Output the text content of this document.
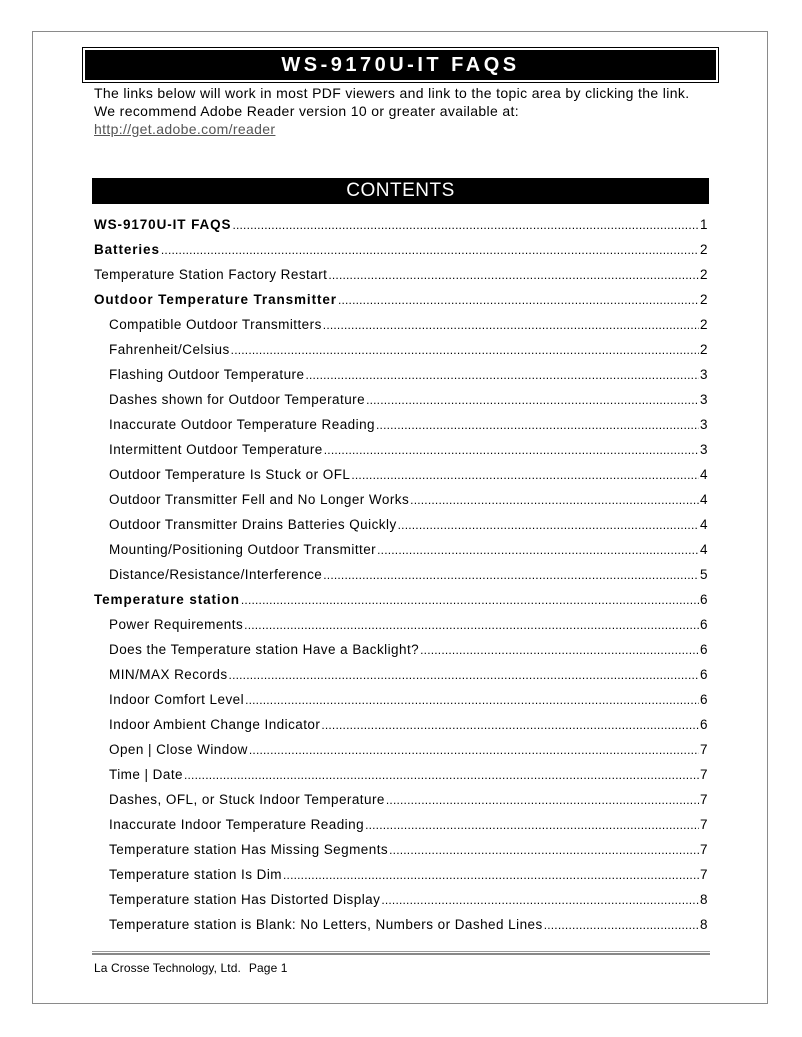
WS-9170U-IT FAQS

The links below will work in most PDF viewers and link to the topic area by clicking the link. We recommend Adobe Reader version 10 or greater available at:

http://get.adobe.com/reader
CONTENTS
WS-9170U-IT FAQS .....	1
Batteries .....	2
Temperature Station Factory Restart .....	2
Outdoor Temperature Transmitter .....	2
Compatible Outdoor Transmitters .....	2
Fahrenheit/Celsius .....	2
Flashing Outdoor Temperature .....	3
Dashes shown for Outdoor Temperature .....	3
Inaccurate Outdoor Temperature Reading .....	3
Intermittent Outdoor Temperature .....	3
Outdoor Temperature Is Stuck or OFL .....	4
Outdoor Transmitter Fell and No Longer Works .....	4
Outdoor Transmitter Drains Batteries Quickly .....	4
Mounting/Positioning Outdoor Transmitter .....	4
Distance/Resistance/Interference .....	5
Temperature station .....	6
Power Requirements .....	6
Does the Temperature station Have a Backlight? .....	6
MIN/MAX Records .....	6
Indoor Comfort Level .....	6
Indoor Ambient Change Indicator .....	6
Open | Close Window .....	7
Time | Date .....	7
Dashes, OFL, or Stuck Indoor Temperature .....	7
Inaccurate Indoor Temperature Reading .....	7
Temperature station Has Missing Segments .....	7
Temperature station Is Dim .....	7
Temperature station Has Distorted Display .....	8
Temperature station is Blank: No Letters, Numbers or Dashed Lines .....	8
La Crosse Technology, Ltd. Page 1
